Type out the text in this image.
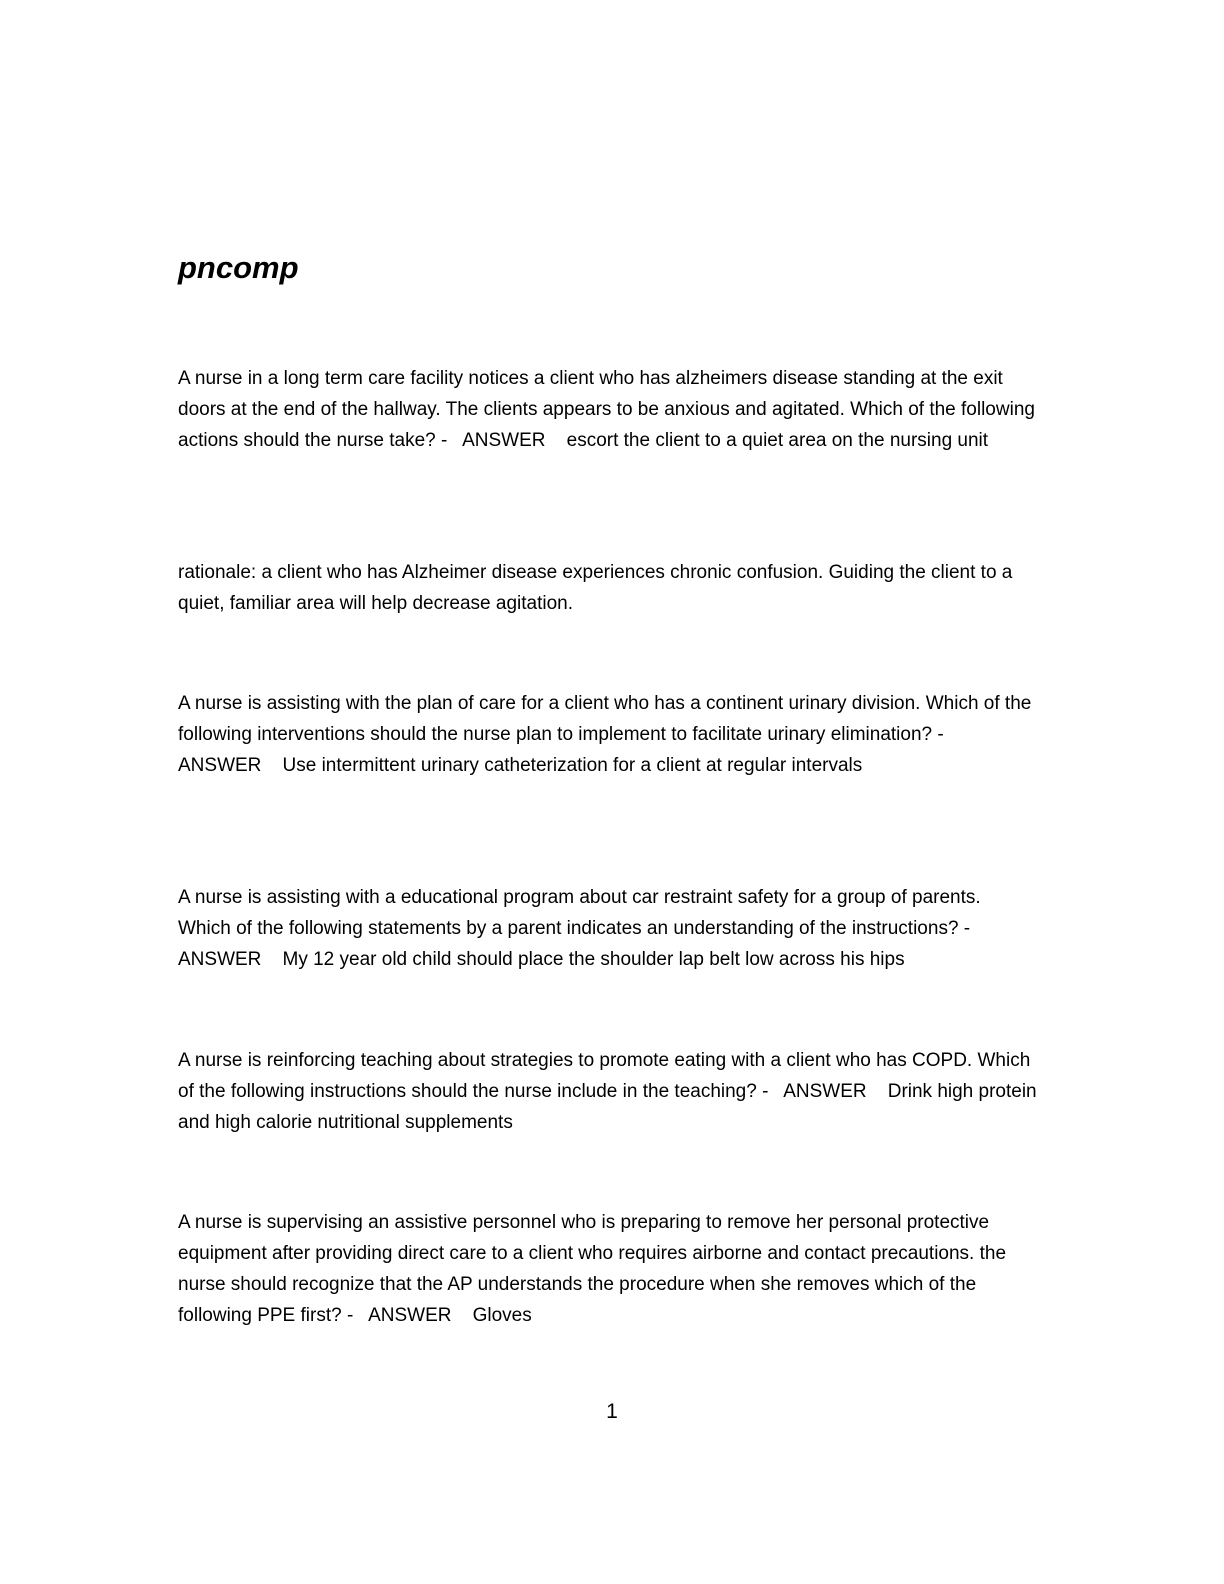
pncomp

A nurse in a long term care facility notices a client who has alzheimers disease standing at the exit doors at the end of the hallway. The clients appears to be anxious and agitated. Which of the following actions should the nurse take? -   ANSWER    escort the client to a quiet area on the nursing unit

rationale: a client who has Alzheimer disease experiences chronic confusion. Guiding the client to a quiet, familiar area will help decrease agitation.

A nurse is assisting with the plan of care for a client who has a continent urinary division. Which of the following interventions should the nurse plan to implement to facilitate urinary elimination? -   ANSWER    Use intermittent urinary catheterization for a client at regular intervals

A nurse is assisting with a educational program about car restraint safety for a group of parents. Which of the following statements by a parent indicates an understanding of the instructions? - ANSWER    My 12 year old child should place the shoulder lap belt low across his hips

A nurse is reinforcing teaching about strategies to promote eating with a client who has COPD. Which of the following instructions should the nurse include in the teaching? -   ANSWER    Drink high protein and high calorie nutritional supplements

A nurse is supervising an assistive personnel who is preparing to remove her personal protective equipment after providing direct care to a client who requires airborne and contact precautions. the nurse should recognize that the AP understands the procedure when she removes which of the following PPE first? -   ANSWER    Gloves

1
